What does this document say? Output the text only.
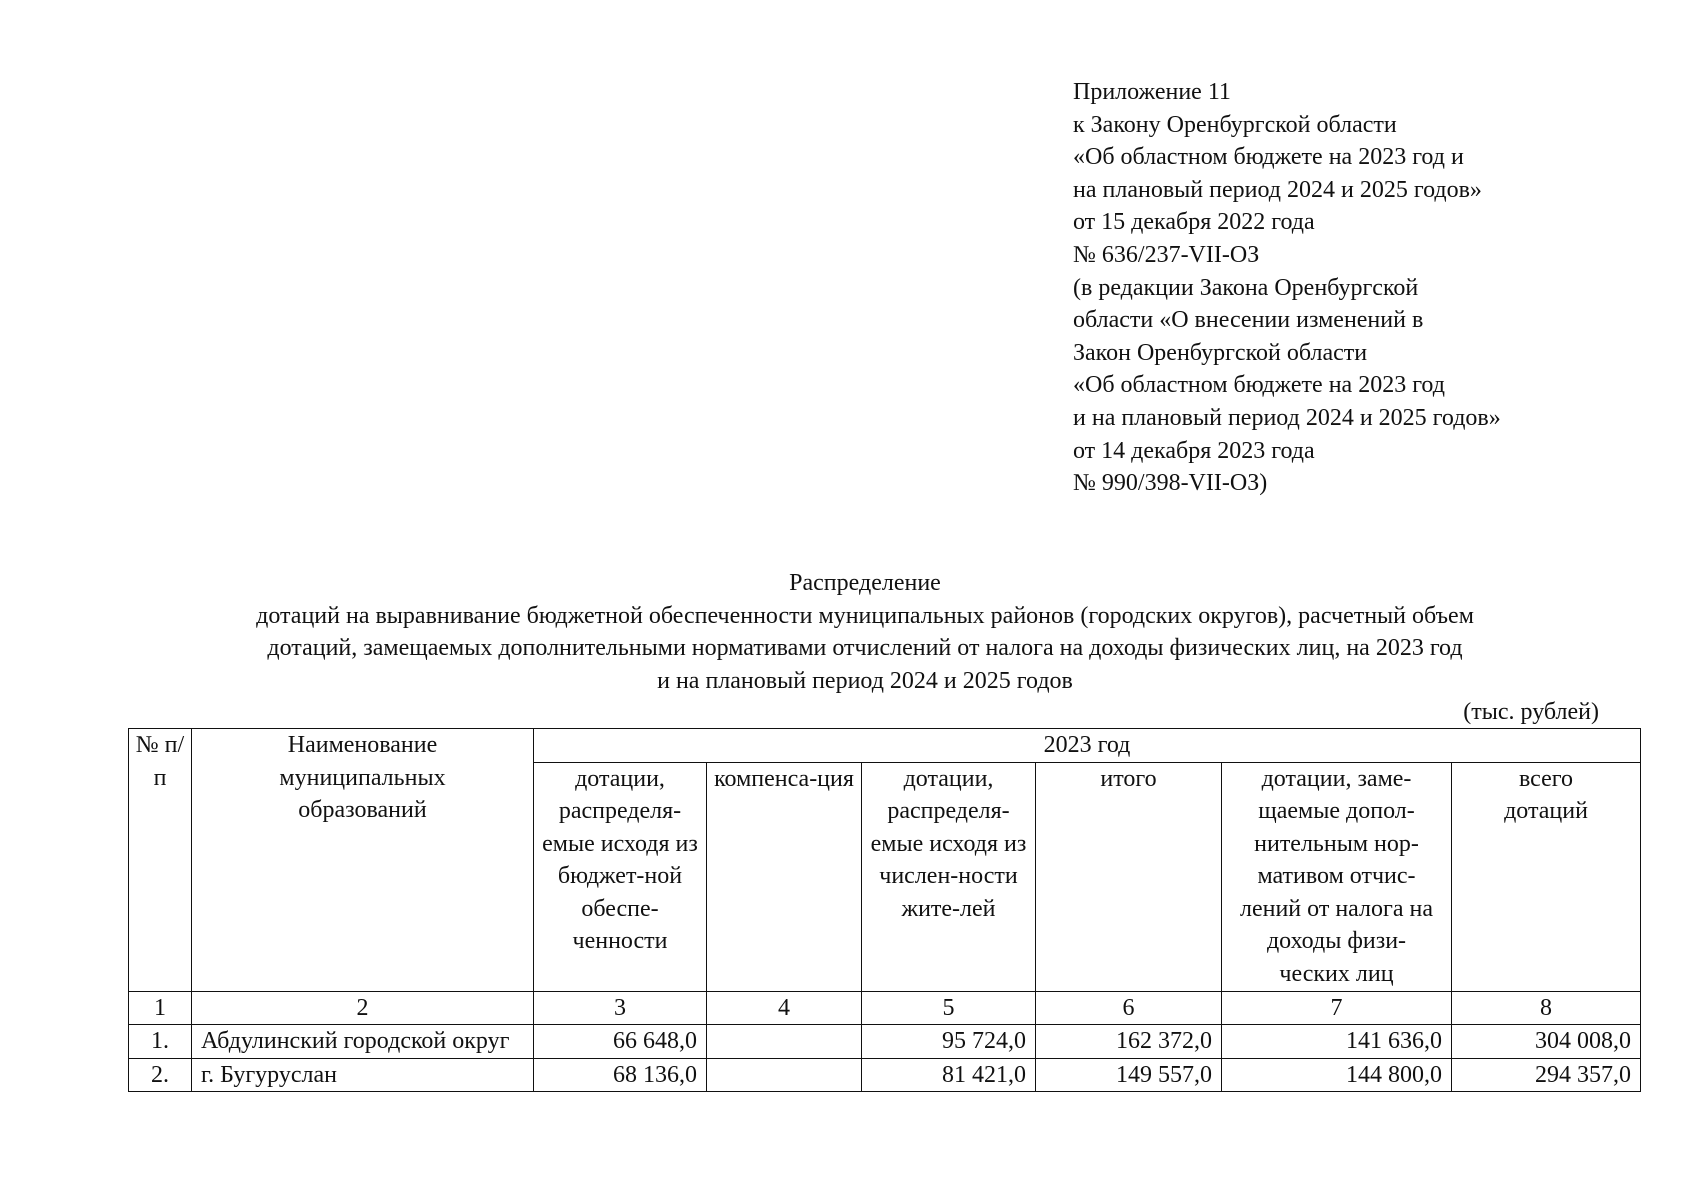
Приложение 11
к Закону Оренбургской области
«Об областном бюджете на 2023 год и
на плановый период 2024 и 2025 годов»
от 15 декабря 2022 года
№ 636/237-VII-ОЗ
(в редакции Закона Оренбургской
области «О внесении изменений в
Закон Оренбургской области
«Об областном бюджете на 2023 год
и на плановый период 2024 и 2025 годов»
от 14 декабря 2023 года
№ 990/398-VII-ОЗ)
Распределение
дотаций на выравнивание бюджетной обеспеченности муниципальных районов (городских округов), расчетный объем
дотаций, замещаемых дополнительными нормативами отчислений от налога на доходы физических лиц, на 2023 год
и на плановый период 2024 и 2025 годов
(тыс. рублей)
№ п/п	Наименование муниципальных образований	2023 год					
		дотации, распределя-емые исходя из бюджет-ной обеспе-ченности	компенса-ция	дотации, распределя-емые исходя из числен-ности жите-лей	итого	дотации, заме-щаемые допол-нительным нор-мативом отчис-лений от налога на доходы физи-ческих лиц	всего дотаций
1	2	3	4	5	6	7	8
1.	Абдулинский городской округ	66 648,0		95 724,0	162 372,0	141 636,0	304 008,0
2.	г. Бугуруслан	68 136,0		81 421,0	149 557,0	144 800,0	294 357,0
